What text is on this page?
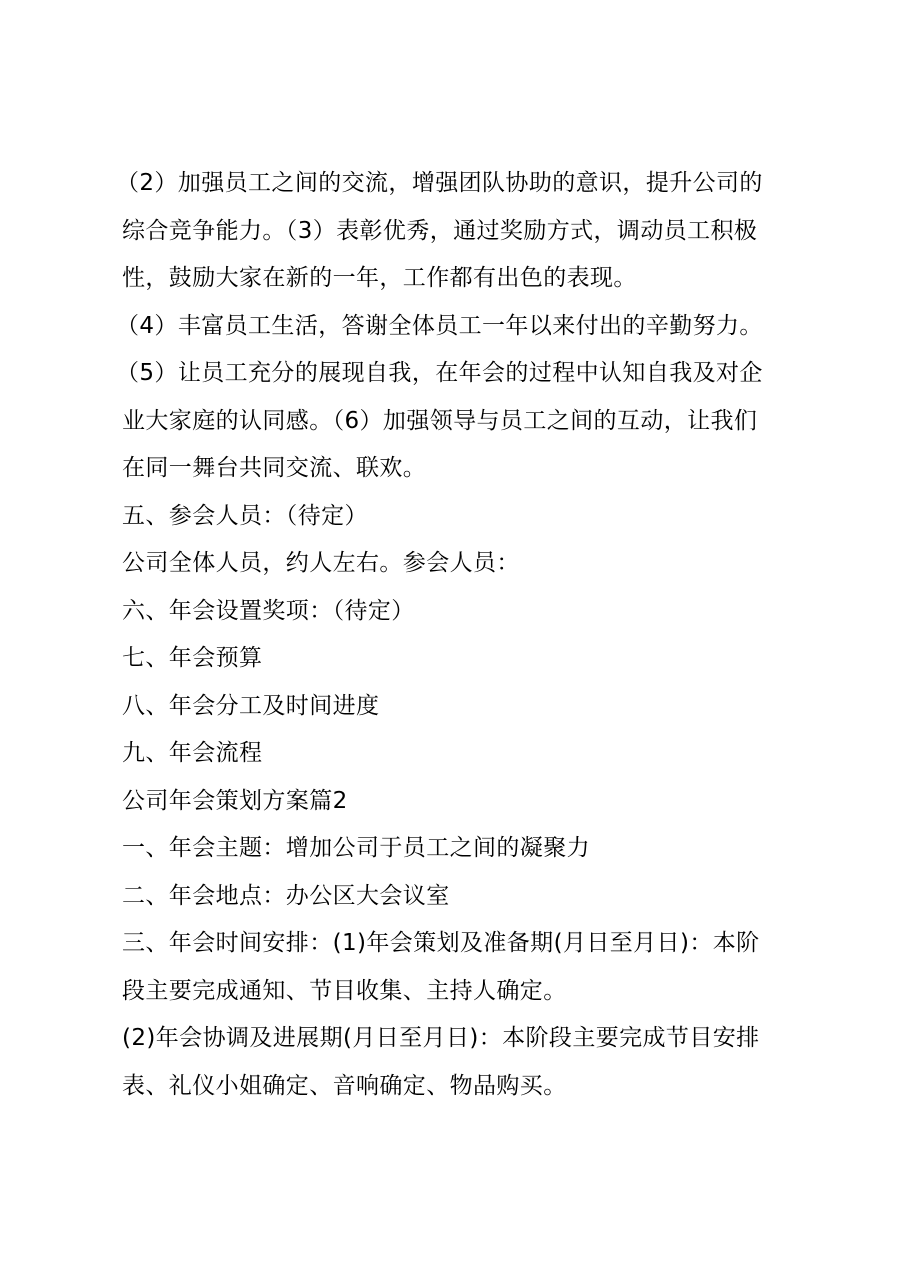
（2）加强员工之间的交流，增强团队协助的意识，提升公司的
综合竞争能力。（3）表彰优秀，通过奖励方式，调动员工积极
性，鼓励大家在新的一年，工作都有出色的表现。
（4）丰富员工生活，答谢全体员工一年以来付出的辛勤努力。
（5）让员工充分的展现自我，在年会的过程中认知自我及对企
业大家庭的认同感。（6）加强领导与员工之间的互动，让我们
在同一舞台共同交流、联欢。
五、参会人员：（待定）
公司全体人员，约人左右。参会人员：
六、年会设置奖项：（待定）
七、年会预算
八、年会分工及时间进度
九、年会流程
公司年会策划方案篇2
一、年会主题：增加公司于员工之间的凝聚力
二、年会地点：办公区大会议室
三、年会时间安排：(1)年会策划及准备期(月日至月日)：本阶
段主要完成通知、节目收集、主持人确定。
(2)年会协调及进展期(月日至月日)：本阶段主要完成节目安排
表、礼仪小姐确定、音响确定、物品购买。
